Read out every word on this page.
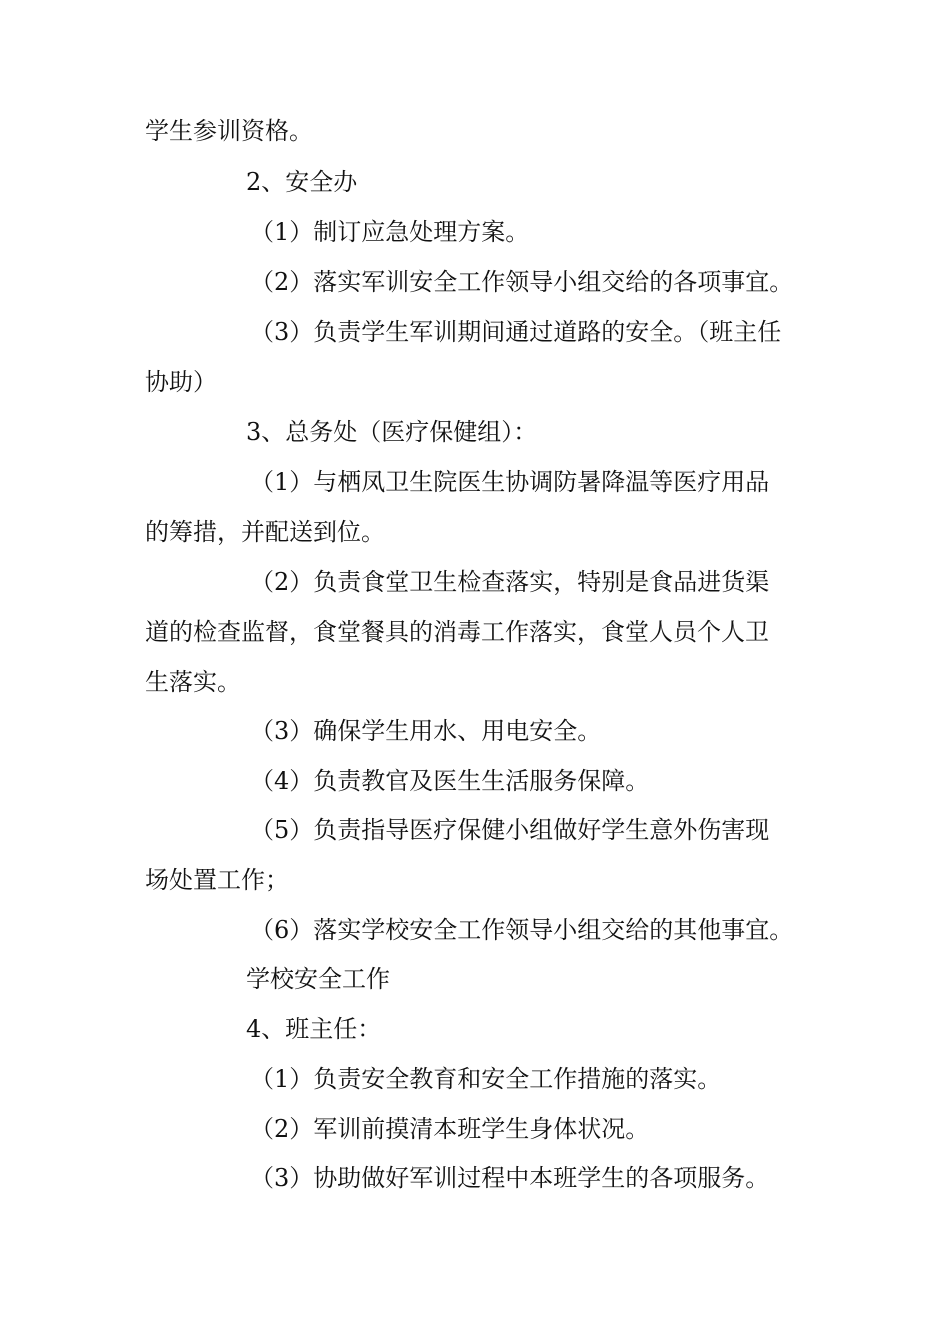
学生参训资格。
2、安全办
（1）制订应急处理方案。
（2）落实军训安全工作领导小组交给的各项事宜。
（3）负责学生军训期间通过道路的安全。（班主任
协助）
3、总务处（医疗保健组）：
（1）与栖凤卫生院医生协调防暑降温等医疗用品
的筹措，并配送到位。
（2）负责食堂卫生检查落实，特别是食品进货渠
道的检查监督，食堂餐具的消毒工作落实，食堂人员个人卫
生落实。
（3）确保学生用水、用电安全。
（4）负责教官及医生生活服务保障。
（5）负责指导医疗保健小组做好学生意外伤害现
场处置工作；
（6）落实学校安全工作领导小组交给的其他事宜。
学校安全工作
4、班主任：
（1）负责安全教育和安全工作措施的落实。
（2）军训前摸清本班学生身体状况。
（3）协助做好军训过程中本班学生的各项服务。
